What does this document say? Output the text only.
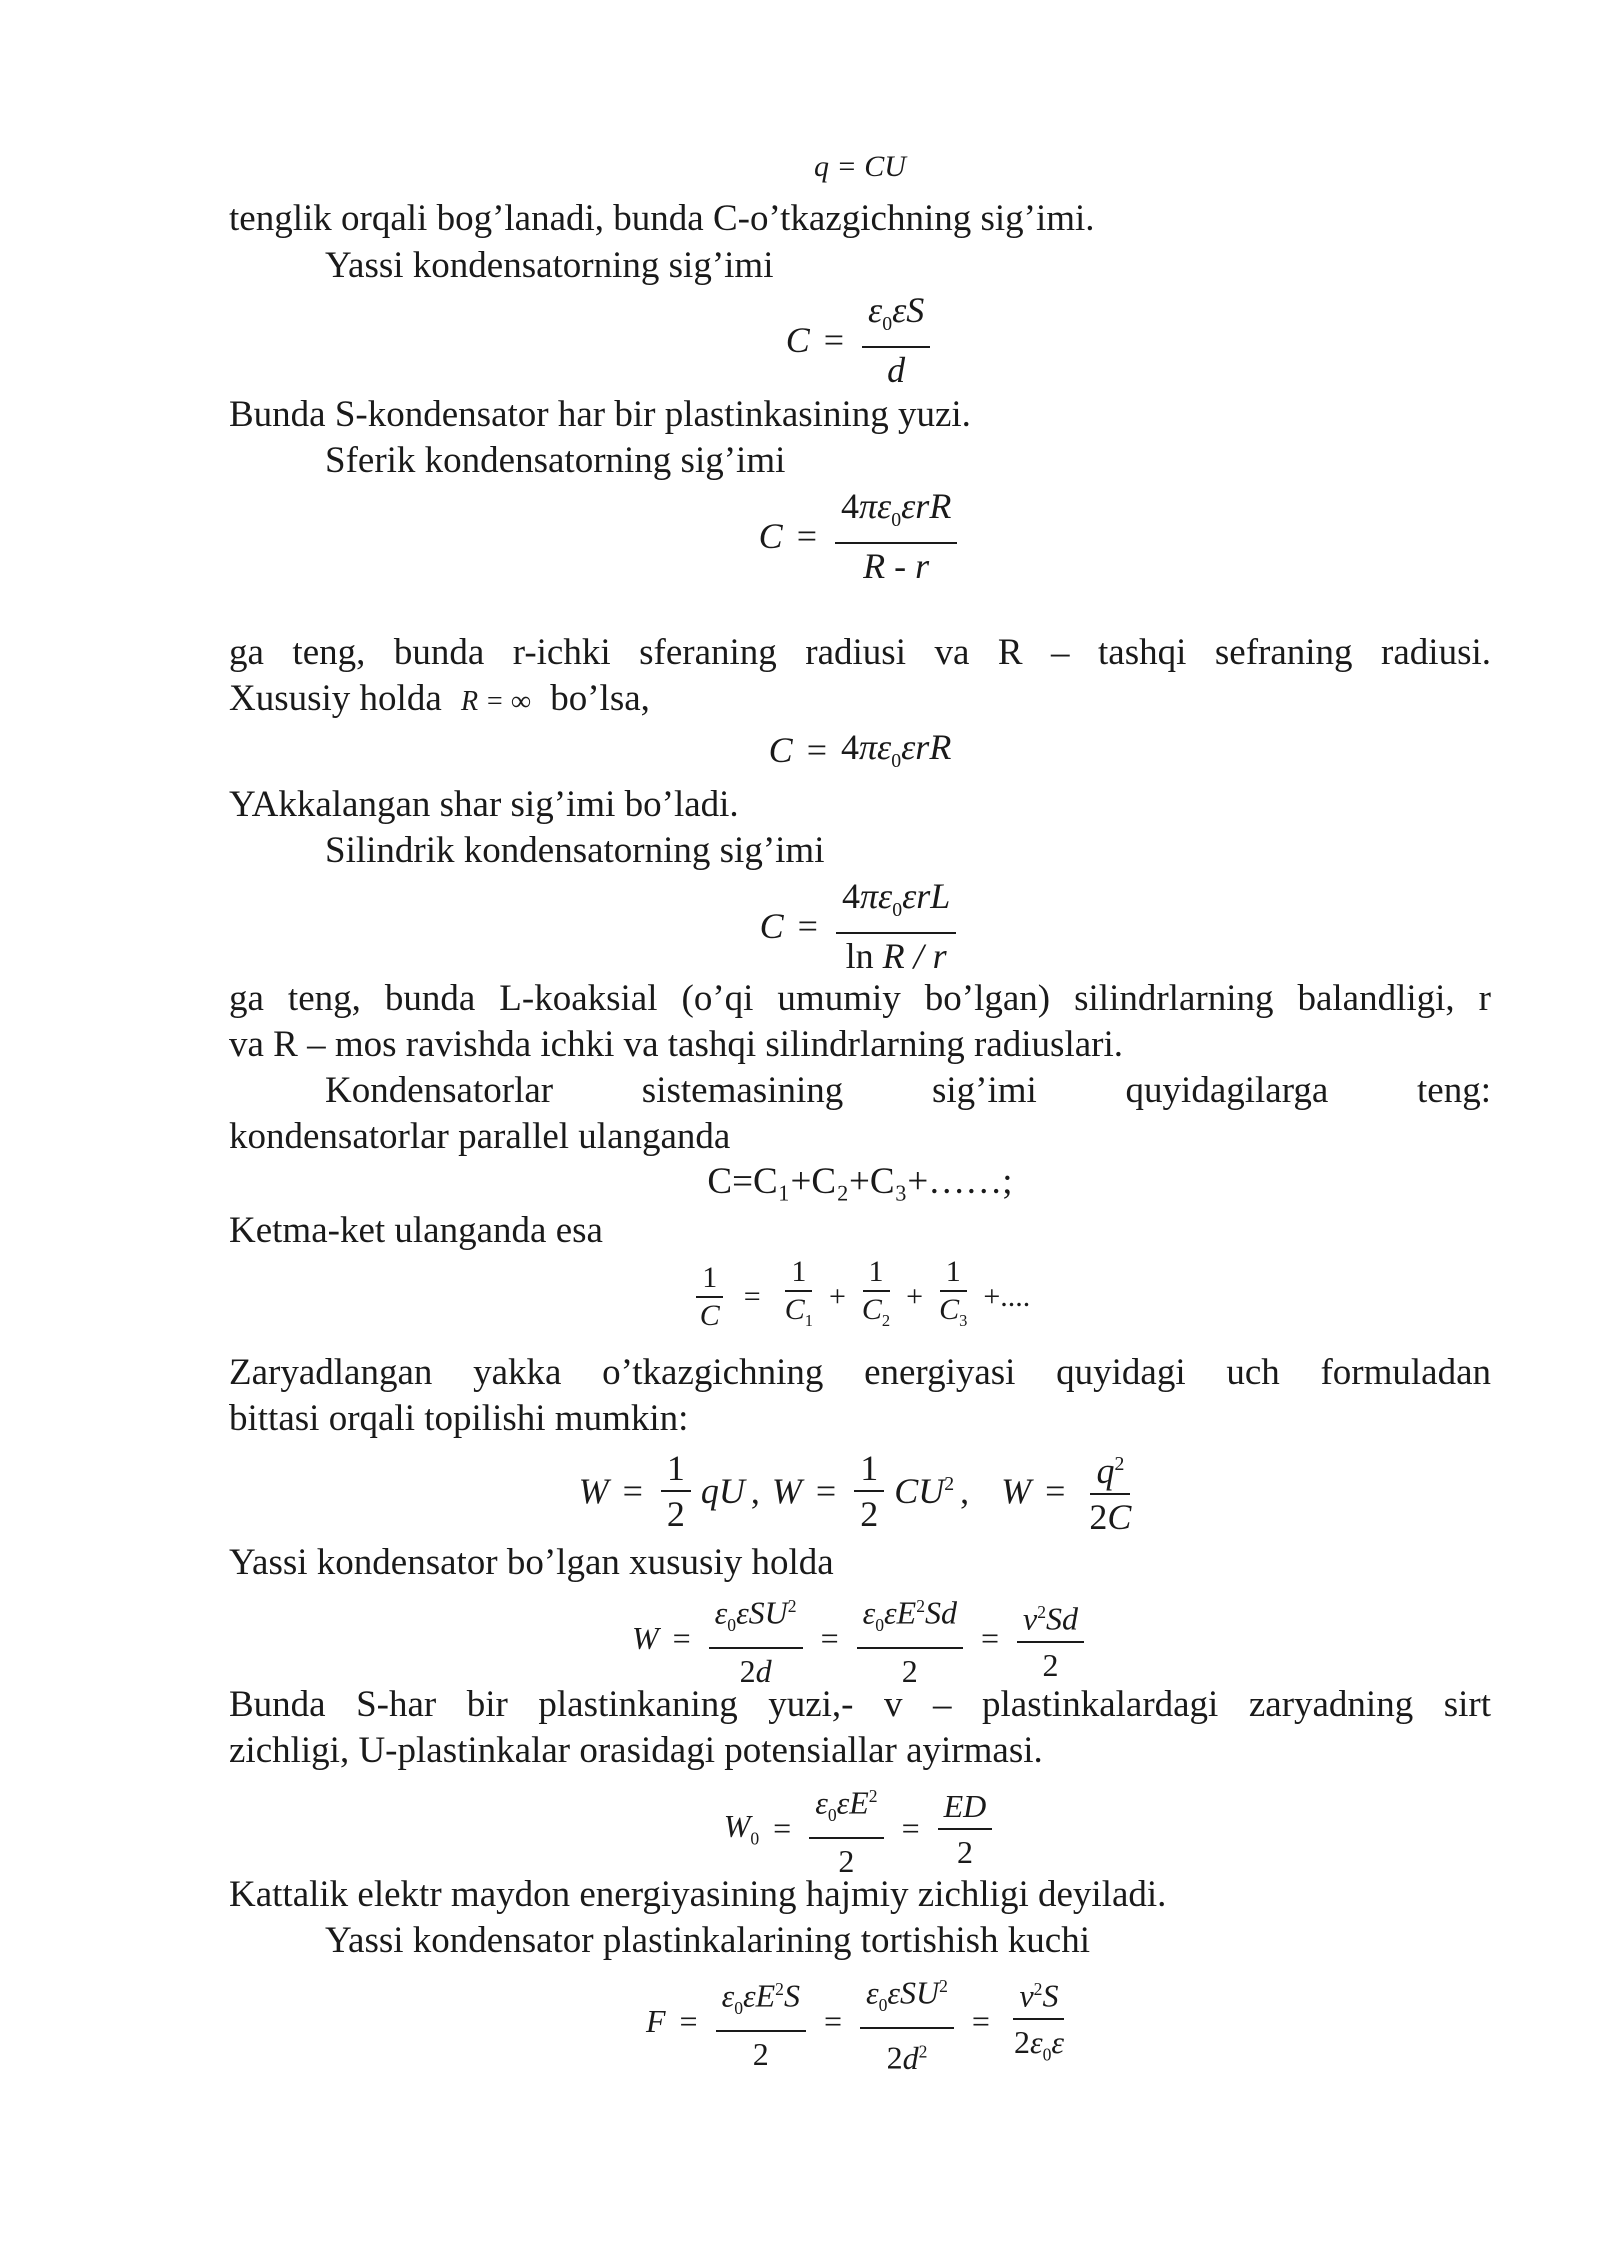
q = CU
tenglik orqali bog’lanadi, bunda C-o’tkazgichning sig’imi.
Yassi kondensatorning sig’imi
$C = \frac{\varepsilon_0\varepsilon S}{d}$
Bunda S-kondensator har bir plastinkasining yuzi.
Sferik kondensatorning sig’imi
$C = \frac{4\pi\varepsilon_0\varepsilon rR}{R - r}$
ga teng, bunda r-ichki sferaning radiusi va R – tashqi sefraning radiusi.
Xususiy holda R = ∞ bo’lsa,
$C = 4\pi\varepsilon_0\varepsilon rR$
YAkkalangan shar sig’imi bo’ladi.
Silindrik kondensatorning sig’imi
$C = \frac{4\pi\varepsilon_0\varepsilon rL}{\text{ln R / r}}$
ga teng, bunda L-koaksial (o’qi umumiy bo’lgan) silindrlarning balandligi, r
va R – mos ravishda ichki va tashqi silindrlarning radiuslari.
Kondensatorlar sistemasining sig’imi quyidagilarga teng:
kondensatorlar parallel ulanganda
C=C₁+C₂+C₃+……;
Ketma-ket ulanganda esa
$\frac{1}{C} = \frac{1}{C_1} + \frac{1}{C_2} + \frac{1}{C_3}$ +....
Zaryadlangan yakka o’tkazgichning energiyasi quyidagi uch formuladan
bittasi orqali topilishi mumkin:
$W = \frac{1}{2}$ qU , $W = \frac{1}{2} CU^2$ , $W = \frac{q^2}{2C}$
Yassi kondensator bo’lgan xususiy holda
$W = \frac{\varepsilon_0\varepsilon SU^2}{2d} = \frac{\varepsilon_0\varepsilon E^2Sd}{2} = \frac{v^2Sd}{2}$
Bunda S-har bir plastinkaning yuzi,- v – plastinkalardagi zaryadning sirt
zichligi, U-plastinkalar orasidagi potensiallar ayirmasi.
$W_0 = \frac{\varepsilon_0\varepsilon E^2}{2} = \frac{ED}{2}$
Kattalik elektr maydon energiyasining hajmiy zichligi deyiladi.
Yassi kondensator plastinkalarining tortishish kuchi
$F = \frac{\varepsilon_0\varepsilon E^2S}{2} = \frac{\varepsilon_0\varepsilon SU^2}{2d^2} = \frac{v^2S}{2\varepsilon_0\varepsilon}$
